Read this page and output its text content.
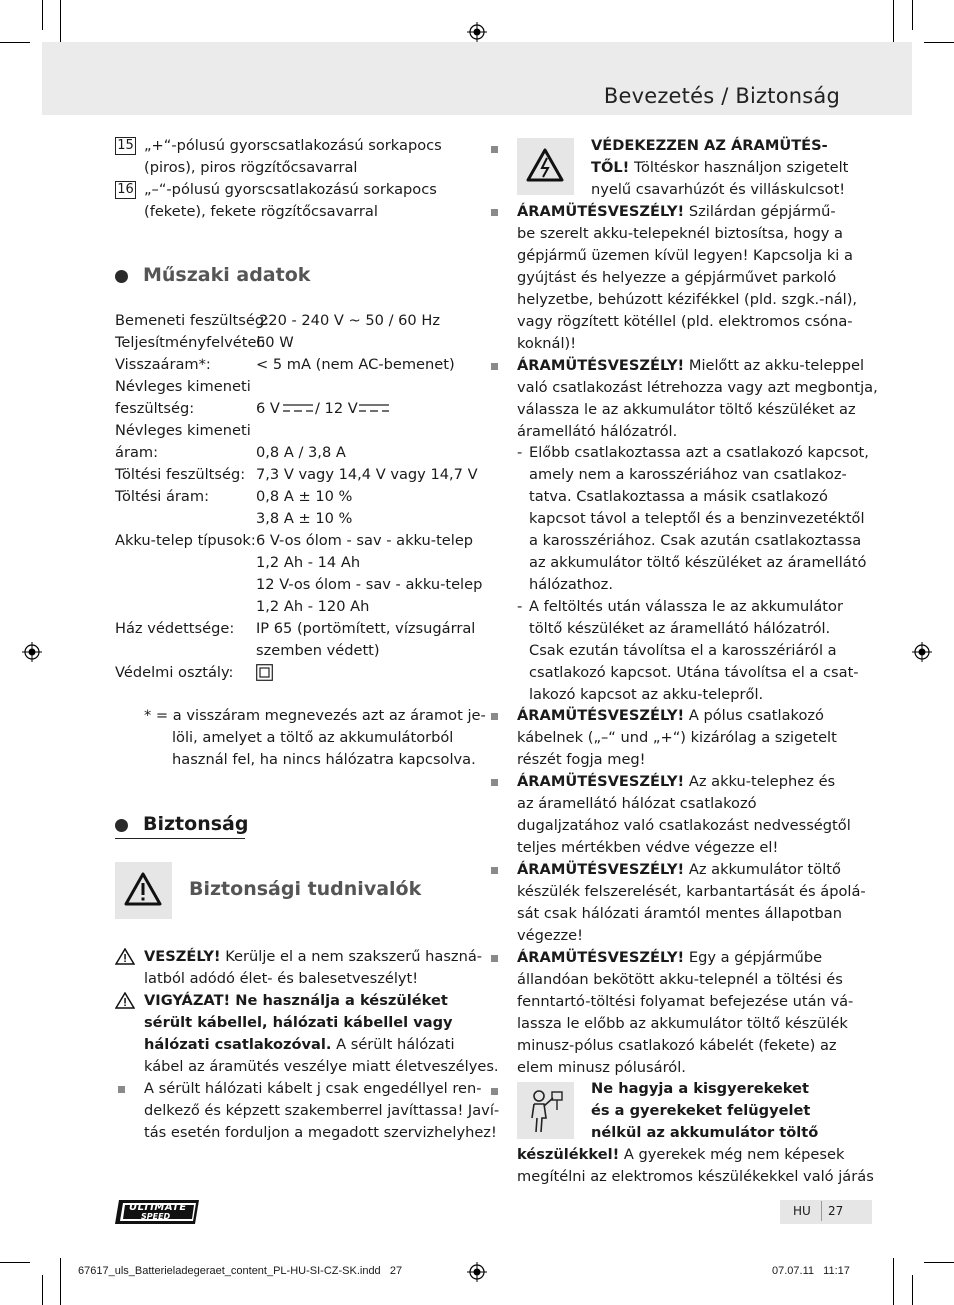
Bevezetés / Biztonság
15 „+“-pólusú gyorscsatlakozású sorkapocs
(piros), piros rögzítőcsavarral
16 „–“-pólusú gyorscsatlakozású sorkapocs
(fekete), fekete rögzítőcsavarral
Műszaki adatok
Bemeneti feszültség:
220 - 240 V ~ 50 / 60 Hz
Teljesítményfelvétel:
60 W
Visszaáram*:	< 5 mA (nem AC-bemenet)
Névleges kimeneti
feszültség:	6 V / 12 V
Névleges kimeneti
áram:	0,8 A / 3,8 A
Töltési feszültség: 7,3 V vagy 14,4 V vagy 14,7 V
Töltési áram:	0,8 A ± 10 %
3,8 A ± 10 %
Akku-telep típusok: 6 V-os ólom - sav - akku-telep
1,2 Ah - 14 Ah
12 V-os ólom - sav - akku-telep
1,2 Ah - 120 Ah
Ház védettsége: IP 65 (portömített, vízsugárral
szemben védett)
Védelmi osztály:
* = a visszáram megnevezés azt az áramot je-
löli, amelyet a töltő az akkumulátorból
használ fel, ha nincs hálózatra kapcsolva.
Biztonság
Biztonsági tudnivalók
VESZÉLY! Kerülje el a nem szakszerű haszná-
latból adódó élet- és balesetveszélyt!
VIGYÁZAT! Ne használja a készüléket
sérült kábellel, hálózati kábellel vagy
hálózati csatlakozóval. A sérült hálózati
kábel az áramütés veszélye miatt életveszélyes.
A sérült hálózati kábelt j csak engedéllyel ren-
delkező és képzett szakemberrel javíttassa! Javí-
tás esetén forduljon a megadott szervizhelyhez!
VÉDEKEZZEN AZ ÁRAMÜTÉS-
TŐL! Töltéskor használjon szigetelt
nyelű csavarhúzót és villáskulcsot!
ÁRAMÜTÉSVESZÉLY! Szilárdan gépjármű-
be szerelt akku-telepeknél biztosítsa, hogy a
gépjármű üzemen kívül legyen! Kapcsolja ki a
gyújtást és helyezze a gépjárművet parkoló
helyzetbe, behúzott kézifékkel (pld. szgk.-nál),
vagy rögzített kötéllel (pld. elektromos csóna-
koknál)!
ÁRAMÜTÉSVESZÉLY! Mielőtt az akku-teleppel
való csatlakozást létrehozza vagy azt megbontja,
válassza le az akkumulátor töltő készüléket az
áramellátó hálózatról.
- Előbb csatlakoztassa azt a csatlakozó kapcsot,
amely nem a karosszériához van csatlakoz-
tatva. Csatlakoztassa a másik csatlakozó
kapcsot távol a teleptől és a benzinvezetéktől
a karosszériához. Csak azután csatlakoztassa
az akkumulátor töltő készüléket az áramellátó
hálózathoz.
- A feltöltés után válassza le az akkumulátor
töltő készüléket az áramellátó hálózatról.
Csak ezután távolítsa el a karosszériáról a
csatlakozó kapcsot. Utána távolítsa el a csat-
lakozó kapcsot az akku-telepről.
ÁRAMÜTÉSVESZÉLY! A pólus csatlakozó
kábelnek („–“ und „+“) kizárólag a szigetelt
részét fogja meg!
ÁRAMÜTÉSVESZÉLY! Az akku-telephez és
az áramellátó hálózat csatlakozó
dugaljzatához való csatlakozást nedvességtől
teljes mértékben védve végezze el!
ÁRAMÜTÉSVESZÉLY! Az akkumulátor töltő
készülék felszerelését, karbantartását és ápolá-
sát csak hálózati áramtól mentes állapotban
végezze!
ÁRAMÜTÉSVESZÉLY! Egy a gépjárműbe
állandóan bekötött akku-telepnél a töltési és
fenntartó-töltési folyamat befejezése után vá-
lassza le előbb az akkumulátor töltő készülék
minusz-pólus csatlakozó kábelét (fekete) az
elem minusz pólusáról.
Ne hagyja a kisgyerekeket
és a gyerekeket felügyelet
nélkül az akkumulátor töltő
készülékkel! A gyerekek még nem képesek
megítélni az elektromos készülékekkel való járás
ULTIMATE
SPEED	HU 27
67617_uls_Batterieladegeraet_content_PL-HU-SI-CZ-SK.indd   27	07.07.11   11:17
